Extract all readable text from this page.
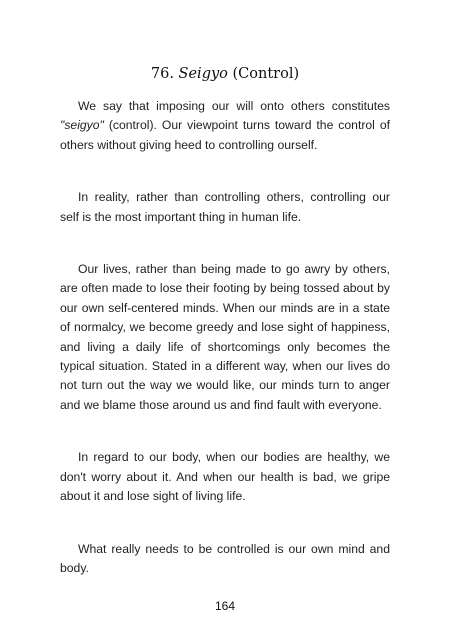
76. Seigyo (Control)

We say that imposing our will onto others constitutes "seigyo" (control). Our viewpoint turns toward the control of others without giving heed to controlling ourself.

In reality, rather than controlling others, controlling our self is the most important thing in human life.

Our lives, rather than being made to go awry by others, are often made to lose their footing by being tossed about by our own self-centered minds. When our minds are in a state of normalcy, we become greedy and lose sight of happiness, and living a daily life of shortcomings only becomes the typical situation. Stated in a different way, when our lives do not turn out the way we would like, our minds turn to anger and we blame those around us and find fault with everyone.

In regard to our body, when our bodies are healthy, we don't worry about it. And when our health is bad, we gripe about it and lose sight of living life.

What really needs to be controlled is our own mind and body.

164
